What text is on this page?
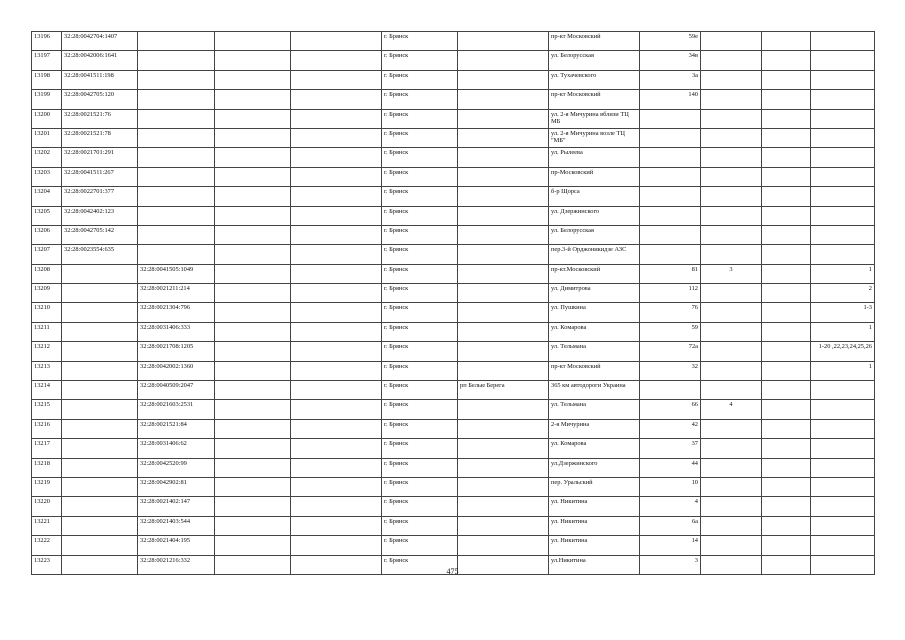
13196	32:28:0042704:1407				г. Брянск		пр-кт Московский	59е			
13197	32:28:0042006:1641				г. Брянск		ул. Белорусская	34в			
13198	32:28:0041511:198				г. Брянск		ул. Тухачевского	3а			
13199	32:28:0042705:120				г. Брянск		пр-кт Московский	140			
13200	32:28:0021521:76				г. Брянск		ул. 2-я Мичурина вблизи ТЦ МБ				
13201	32:28:0021521:78				г. Брянск		ул. 2-я Мичурина возле ТЦ "МБ"				
13202	32:28:0021701:291				г. Брянск		ул. Рылеева				
13203	32:28:0041511:267				г. Брянск		пр-Московский				
13204	32:28:0022701:377				г. Брянск		б-р Щорса				
13205	32:28:0042402:123				г. Брянск		ул. Дзержинского				
13206	32:28:0042705:142				г. Брянск		ул. Белорусская				
13207	32:28:0023554:635				г. Брянск		пер.3-й Орджоникидзе АЗС				
13208		32:28:0041505:1049			г. Брянск		пр-кт.Московский	81	3		1
13209		32:28:0021211:214			г. Брянск		ул. Димитрова	112			2
13210		32:28:0021304:796			г. Брянск		ул. Пушкина	76			1-3
13211		32:28:0031406:333			г. Брянск		ул. Комарова	59			1
13212		32:28:0021708:1205			г. Брянск		ул. Тельмана	72а			1-20 ,22,23,24,25,26
13213		32:28:0042002:1360			г. Брянск		пр-кт Московский	32			1
13214		32:28:0040509:2047			г. Брянск	рп Белые Берега	365 км автодороги Украина				
13215		32:28:0021603:2531			г. Брянск		ул. Тельмана	66	4		
13216		32:28:0021521:84			г. Брянск		2-я Мичурина	42			
13217		32:28:0031406:62			г. Брянск		ул. Комарова	37			
13218		32:28:0042520:99			г. Брянск		ул.Дзержинского	44			
13219		32:28:0042902:81			г. Брянск		пер. Уральский	10			
13220		32:28:0021402:147			г. Брянск		ул. Никитина	4			
13221		32:28:0021403:544			г. Брянск		ул. Никитина	6а			
13222		32:28:0021404:195			г. Брянск		ул. Никитина	14			
13223		32:28:0021216:332			г. Брянск		ул.Никитина	3			
475
